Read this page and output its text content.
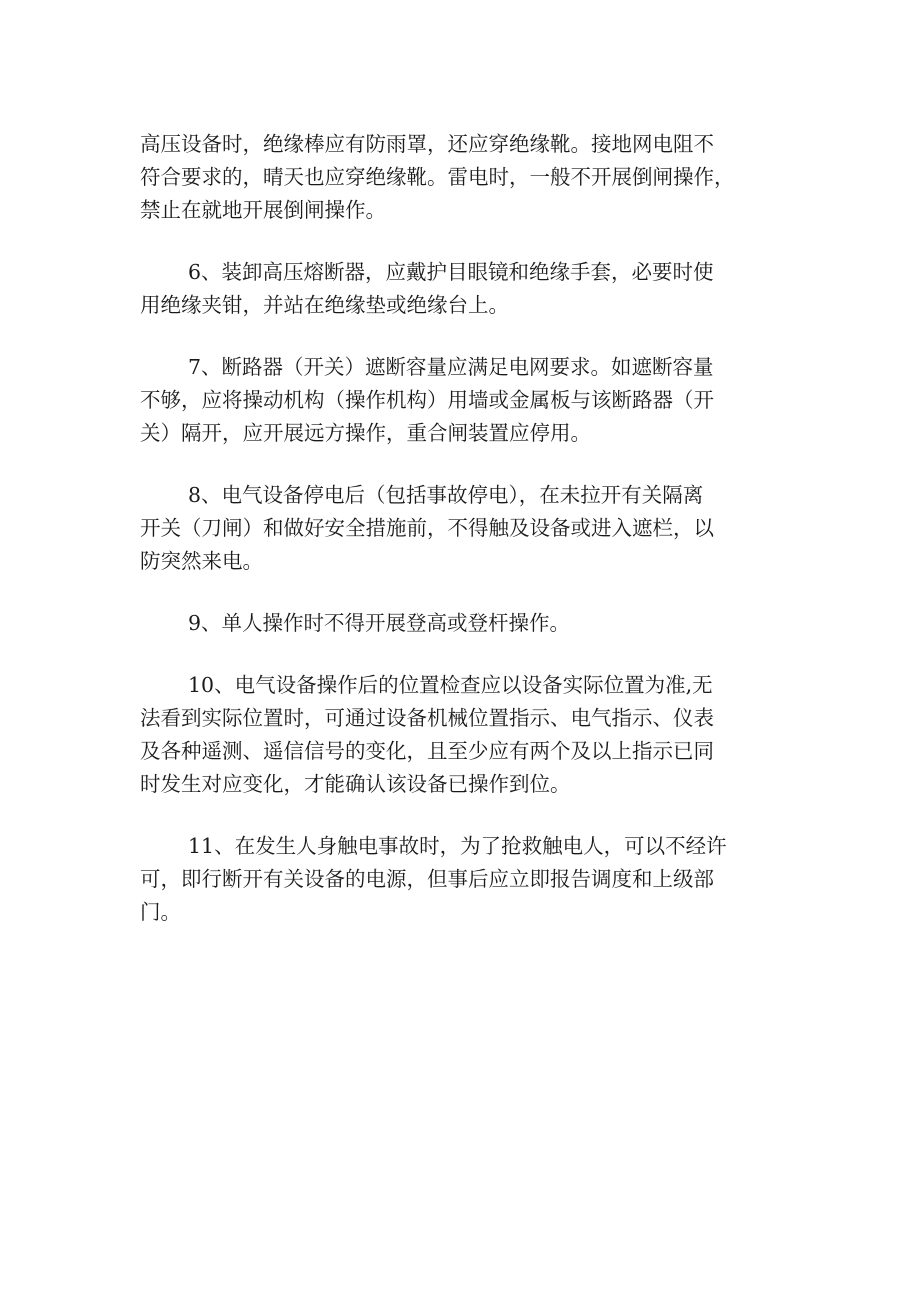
高压设备时，绝缘棒应有防雨罩，还应穿绝缘靴。接地网电阻不
符合要求的，晴天也应穿绝缘靴。雷电时，一般不开展倒闸操作，
禁止在就地开展倒闸操作。
6、装卸高压熔断器，应戴护目眼镜和绝缘手套，必要时使
用绝缘夹钳，并站在绝缘垫或绝缘台上。
7、断路器（开关）遮断容量应满足电网要求。如遮断容量
不够，应将操动机构（操作机构）用墙或金属板与该断路器（开
关）隔开，应开展远方操作，重合闸装置应停用。
8、电气设备停电后（包括事故停电），在未拉开有关隔离
开关（刀闸）和做好安全措施前，不得触及设备或进入遮栏，以
防突然来电。
9、单人操作时不得开展登高或登杆操作。
10、电气设备操作后的位置检查应以设备实际位置为准,无
法看到实际位置时，可通过设备机械位置指示、电气指示、仪表
及各种遥测、遥信信号的变化，且至少应有两个及以上指示已同
时发生对应变化，才能确认该设备已操作到位。
11、在发生人身触电事故时，为了抢救触电人，可以不经许
可，即行断开有关设备的电源，但事后应立即报告调度和上级部
门。
